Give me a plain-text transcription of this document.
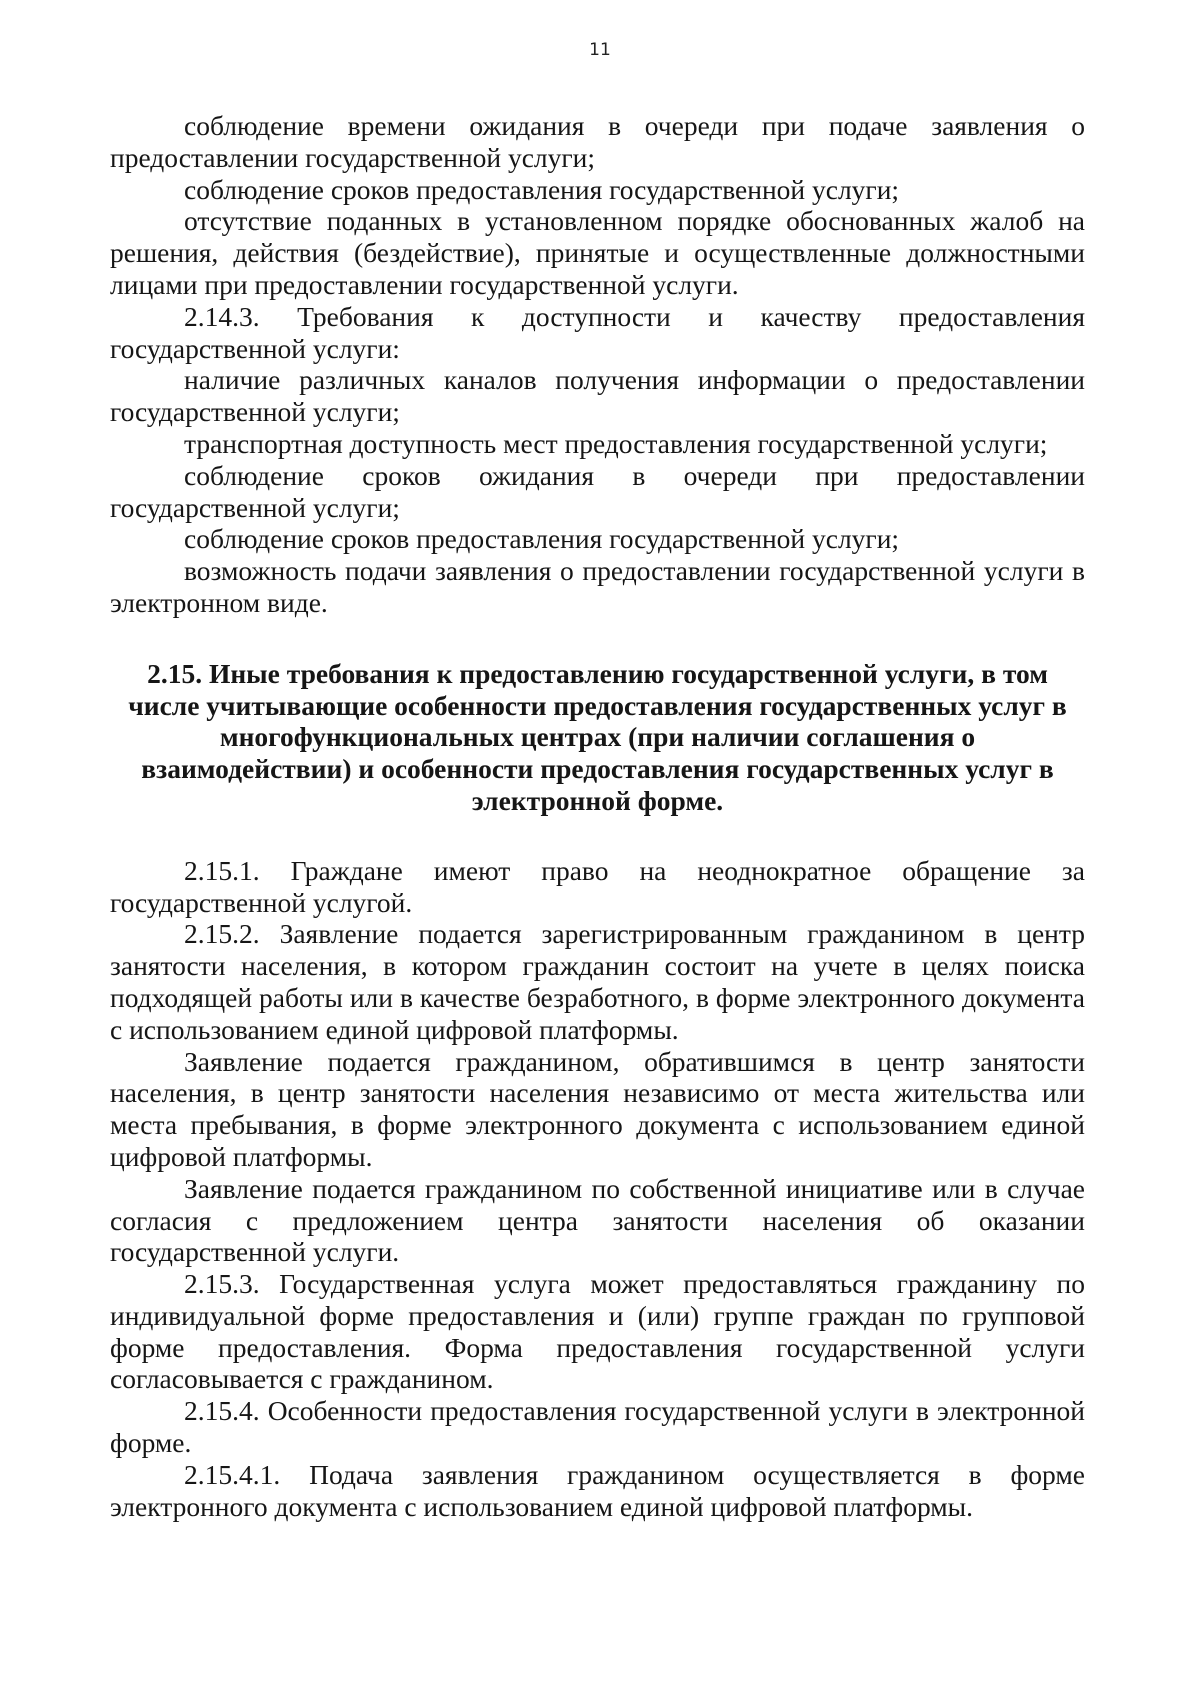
11

соблюдение времени ожидания в очереди при подаче заявления о предоставлении государственной услуги;

соблюдение сроков предоставления государственной услуги;

отсутствие поданных в установленном порядке обоснованных жалоб на решения, действия (бездействие), принятые и осуществленные должностными лицами при предоставлении государственной услуги.

2.14.3. Требования к доступности и качеству предоставления государственной услуги:

наличие различных каналов получения информации о предоставлении государственной услуги;

транспортная доступность мест предоставления государственной услуги;

соблюдение сроков ожидания в очереди при предоставлении государственной услуги;

соблюдение сроков предоставления государственной услуги;

возможность подачи заявления о предоставлении государственной услуги в электронном виде.

2.15. Иные требования к предоставлению государственной услуги, в том числе учитывающие особенности предоставления государственных услуг в многофункциональных центрах (при наличии соглашения о взаимодействии) и особенности предоставления государственных услуг в электронной форме.

2.15.1. Граждане имеют право на неоднократное обращение за государственной услугой.

2.15.2. Заявление подается зарегистрированным гражданином в центр занятости населения, в котором гражданин состоит на учете в целях поиска подходящей работы или в качестве безработного, в форме электронного документа с использованием единой цифровой платформы.

Заявление подается гражданином, обратившимся в центр занятости населения, в центр занятости населения независимо от места жительства или места пребывания, в форме электронного документа с использованием единой цифровой платформы.

Заявление подается гражданином по собственной инициативе или в случае согласия с предложением центра занятости населения об оказании государственной услуги.

2.15.3. Государственная услуга может предоставляться гражданину по индивидуальной форме предоставления и (или) группе граждан по групповой форме предоставления. Форма предоставления государственной услуги согласовывается с гражданином.

2.15.4. Особенности предоставления государственной услуги в электронной форме.

2.15.4.1. Подача заявления гражданином осуществляется в форме электронного документа с использованием единой цифровой платформы.
